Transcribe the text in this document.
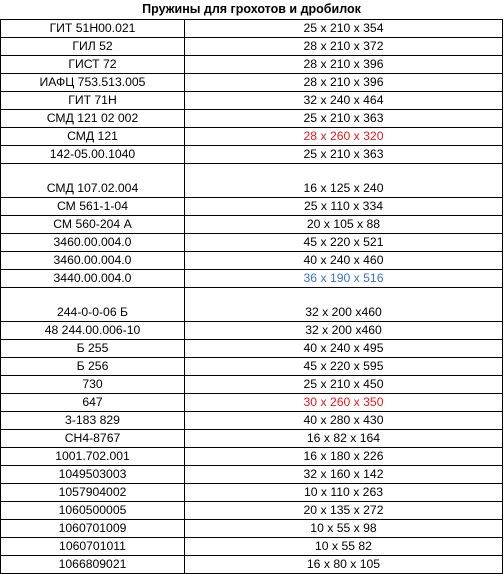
Пружины для грохотов и дробилок
ГИТ 51Н00.021	25 х 210 х 354
ГИЛ 52	28 х 210 х 372
ГИСТ 72	28 х 210 х 396
ИАФЦ 753.513.005	28 х 210 х 396
ГИТ 71Н	32 х 240 х 464
СМД 121 02 002	25 х 210 х 363
СМД 121	28 х 260 х 320
142-05.00.1040	25 х 210 х 363
СМД 107.02.004	16 х 125 х 240
СМ 561-1-04	25 х 110 х 334
СМ 560-204 А	20 х 105 х 88
3460.00.004.0	45 х 220 х 521
3460.00.004.0	40 х 240 х 460
3440.00.004.0	36 х 190 х 516
244-0-0-06 Б	32 х 200 х460
48 244.00.006-10	32 х 200 х460
Б 255	40 х 240 х 495
Б 256	45 х 220 х 595
730	25 х 210 х 450
647	30 х 260 х 350
3-183 829	40 х 280 х 430
СН4-8767	16 х 82 х 164
1001.702.001	16 х 180 х 226
1049503003	32 х 160 х 142
1057904002	10 х 110 х 263
1060500005	20 х 135 х 272
1060701009	10 х 55 х 98
1060701011	10 х 55 82
1066809021	16 х 80 х 105
